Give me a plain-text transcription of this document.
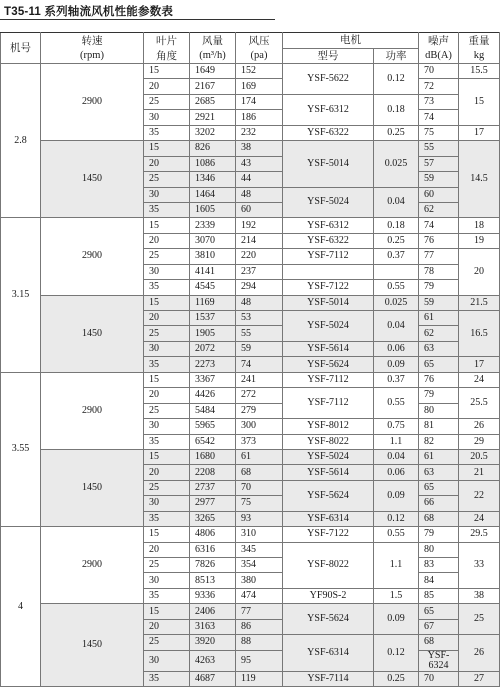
T35-11 系列轴流风机性能参数表
机号	转速	叶片	风量	风压	电机		噪声	重量	
	(rpm)	角度	(m³/h)	(pa)	型号	功率	dB(A)	kg	
2.8	2900	15	1649	152	YSF-5622	0.12	70	15.5	
		20	2167	169			72	15	
		25	2685	174	YSF-6312	0.18	73		
		30	2921	186			74		
		35	3202	232	YSF-6322	0.25	75	17	
	1450	15	826	38	YSF-5014	0.025	55	14.5	
		20	1086	43			57		
		25	1346	44			59		
		30	1464	48	YSF-5024	0.04	60		
		35	1605	60			62		
3.15	2900	15	2339	192	YSF-6312	0.18	74	18	
		20	3070	214	YSF-6322	0.25	76	19	
		25	3810	220	YSF-7112	0.37	77	20	
		30	4141	237			78		
		35	4545	294	YSF-7122	0.55	79		
	1450	15	1169	48	YSF-5014	0.025	59	21.5	
		20	1537	53	YSF-5024	0.04	61	16.5	
		25	1905	55			62		
		30	2072	59	YSF-5614	0.06	63		
		35	2273	74	YSF-5624	0.09	65	17	
3.55	2900	15	3367	241	YSF-7112	0.37	76	24	
		20	4426	272	YSF-7112	0.55	79	25.5	
		25	5484	279			80		
		30	5965	300	YSF-8012	0.75	81	26	
		35	6542	373	YSF-8022	1.1	82	29	
	1450	15	1680	61	YSF-5024	0.04	61	20.5	
		20	2208	68	YSF-5614	0.06	63	21	
		25	2737	70	YSF-5624	0.09	65	22	
		30	2977	75			66		
		35	3265	93	YSF-6314	0.12	68	24	
4	2900	15	4806	310	YSF-7122	0.55	79	29.5	
		20	6316	345	YSF-8022	1.1	80	33	
		25	7826	354			83		
		30	8513	380			84		
		35	9336	474	YF90S-2	1.5	85	38	
	1450	15	2406	77	YSF-5624	0.09	65	25	
		20	3163	86			67		
		25	3920	88	YSF-6314	0.12	68	26	
		30	4263	95			YSF-6324		
		35	4687	119	YSF-7114	0.25	70	27	
